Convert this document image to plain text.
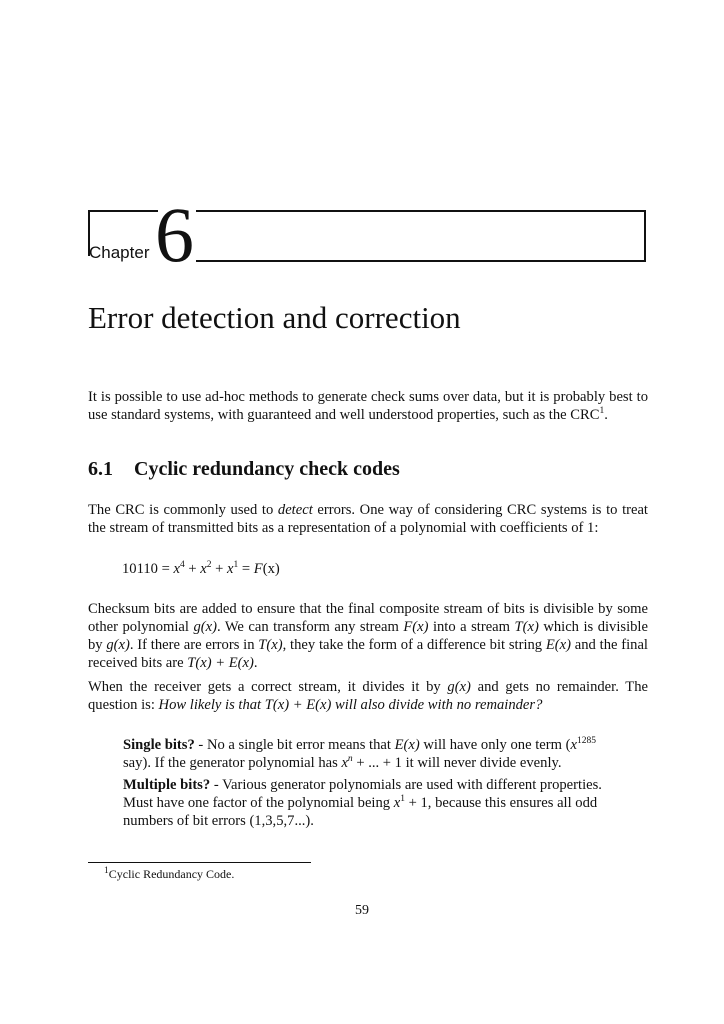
Chapter 6
Error detection and correction
It is possible to use ad-hoc methods to generate check sums over data, but it is probably best to use standard systems, with guaranteed and well understood properties, such as the CRC$^1$.
6.1 Cyclic redundancy check codes
The CRC is commonly used to detect errors. One way of considering CRC systems is to treat the stream of transmitted bits as a representation of a polynomial with coefficients of 1:
$10110 = x^4 + x^2 + x^1 = F(x)$
Checksum bits are added to ensure that the final composite stream of bits is divisible by some other polynomial g(x). We can transform any stream F(x) into a stream T(x) which is divisible by g(x). If there are errors in T(x), they take the form of a difference bit string E(x) and the final received bits are T(x) + E(x).
When the receiver gets a correct stream, it divides it by g(x) and gets no remainder. The question is: How likely is that T(x) + E(x) will also divide with no remainder?
Single bits? - No a single bit error means that E(x) will have only one term ($x^{1285}$ say). If the generator polynomial has $x^n$ + ... + 1 it will never divide evenly.
Multiple bits? - Various generator polynomials are used with different properties. Must have one factor of the polynomial being $x^1 + 1$, because this ensures all odd numbers of bit errors (1,3,5,7...).
$^1$Cyclic Redundancy Code.
59
